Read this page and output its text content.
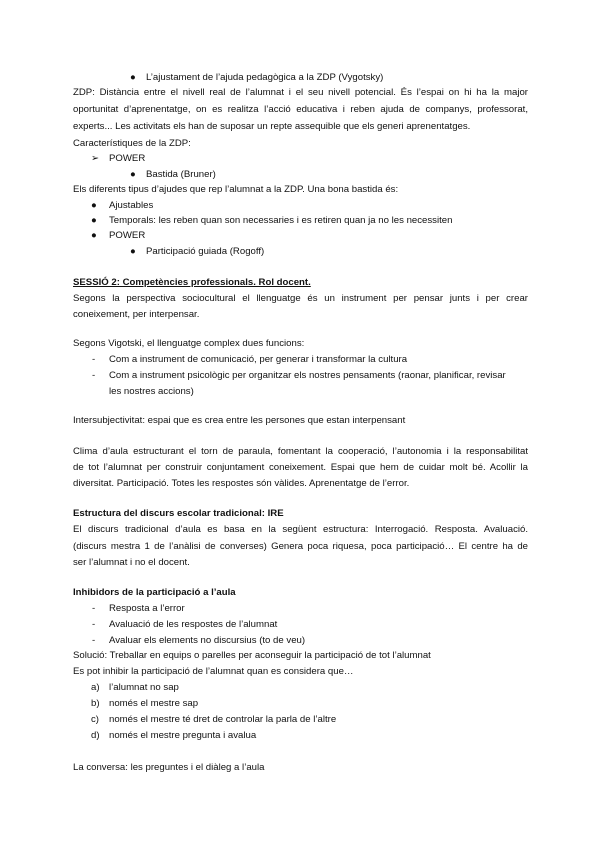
● L’ajustament de l’ajuda pedagògica a la ZDP (Vygotsky)
ZDP: Distància entre el nivell real de l’alumnat i el seu nivell potencial. És l’espai on hi ha la major
oportunitat d’aprenentatge, on es realitza l’acció educativa i reben ajuda de companys, professorat,
experts... Les activitats els han de suposar un repte assequible que els generi aprenentatges.
Característiques de la ZDP:
➢ POWER
● Bastida (Bruner)
Els diferents tipus d’ajudes que rep l’alumnat a la ZDP. Una bona bastida és:
● Ajustables
● Temporals: les reben quan son necessaries i es retiren quan ja no les necessiten
● POWER
● Participació guiada (Rogoff)
SESSIÓ 2: Competències professionals. Rol docent.
Segons la perspectiva sociocultural el llenguatge és un instrument per pensar junts i per crear
coneixement, per interpensar.
Segons Vigotski, el llenguatge complex dues funcions:
- Com a instrument de comunicació, per generar i transformar la cultura
- Com a instrument psicològic per organitzar els nostres pensaments (raonar, planificar, revisar
les nostres accions)
Intersubjectivitat: espai que es crea entre les persones que estan interpensant
Clima d’aula estructurant el torn de paraula, fomentant la cooperació, l’autonomia i la responsabilitat
de tot l’alumnat per construir conjuntament coneixement. Espai que hem de cuidar molt bé. Acollir la
diversitat. Participació. Totes les respostes són vàlides. Aprenentatge de l’error.
Estructura del discurs escolar tradicional: IRE
El discurs tradicional d’aula es basa en la següent estructura: Interrogació. Resposta. Avaluació.
(discurs mestra 1 de l’anàlisi de converses) Genera poca riquesa, poca participació… El centre ha de
ser l’alumnat i no el docent.
Inhibidors de la participació a l’aula
- Resposta a l’error
- Avaluació de les respostes de l’alumnat
- Avaluar els elements no discursius (to de veu)
Solució: Treballar en equips o parelles per aconseguir la participació de tot l’alumnat
Es pot inhibir la participació de l’alumnat quan es considera que…
a) l’alumnat no sap
b) només el mestre sap
c) només el mestre té dret de controlar la parla de l’altre
d) només el mestre pregunta i avalua
La conversa: les preguntes i el diàleg a l’aula
